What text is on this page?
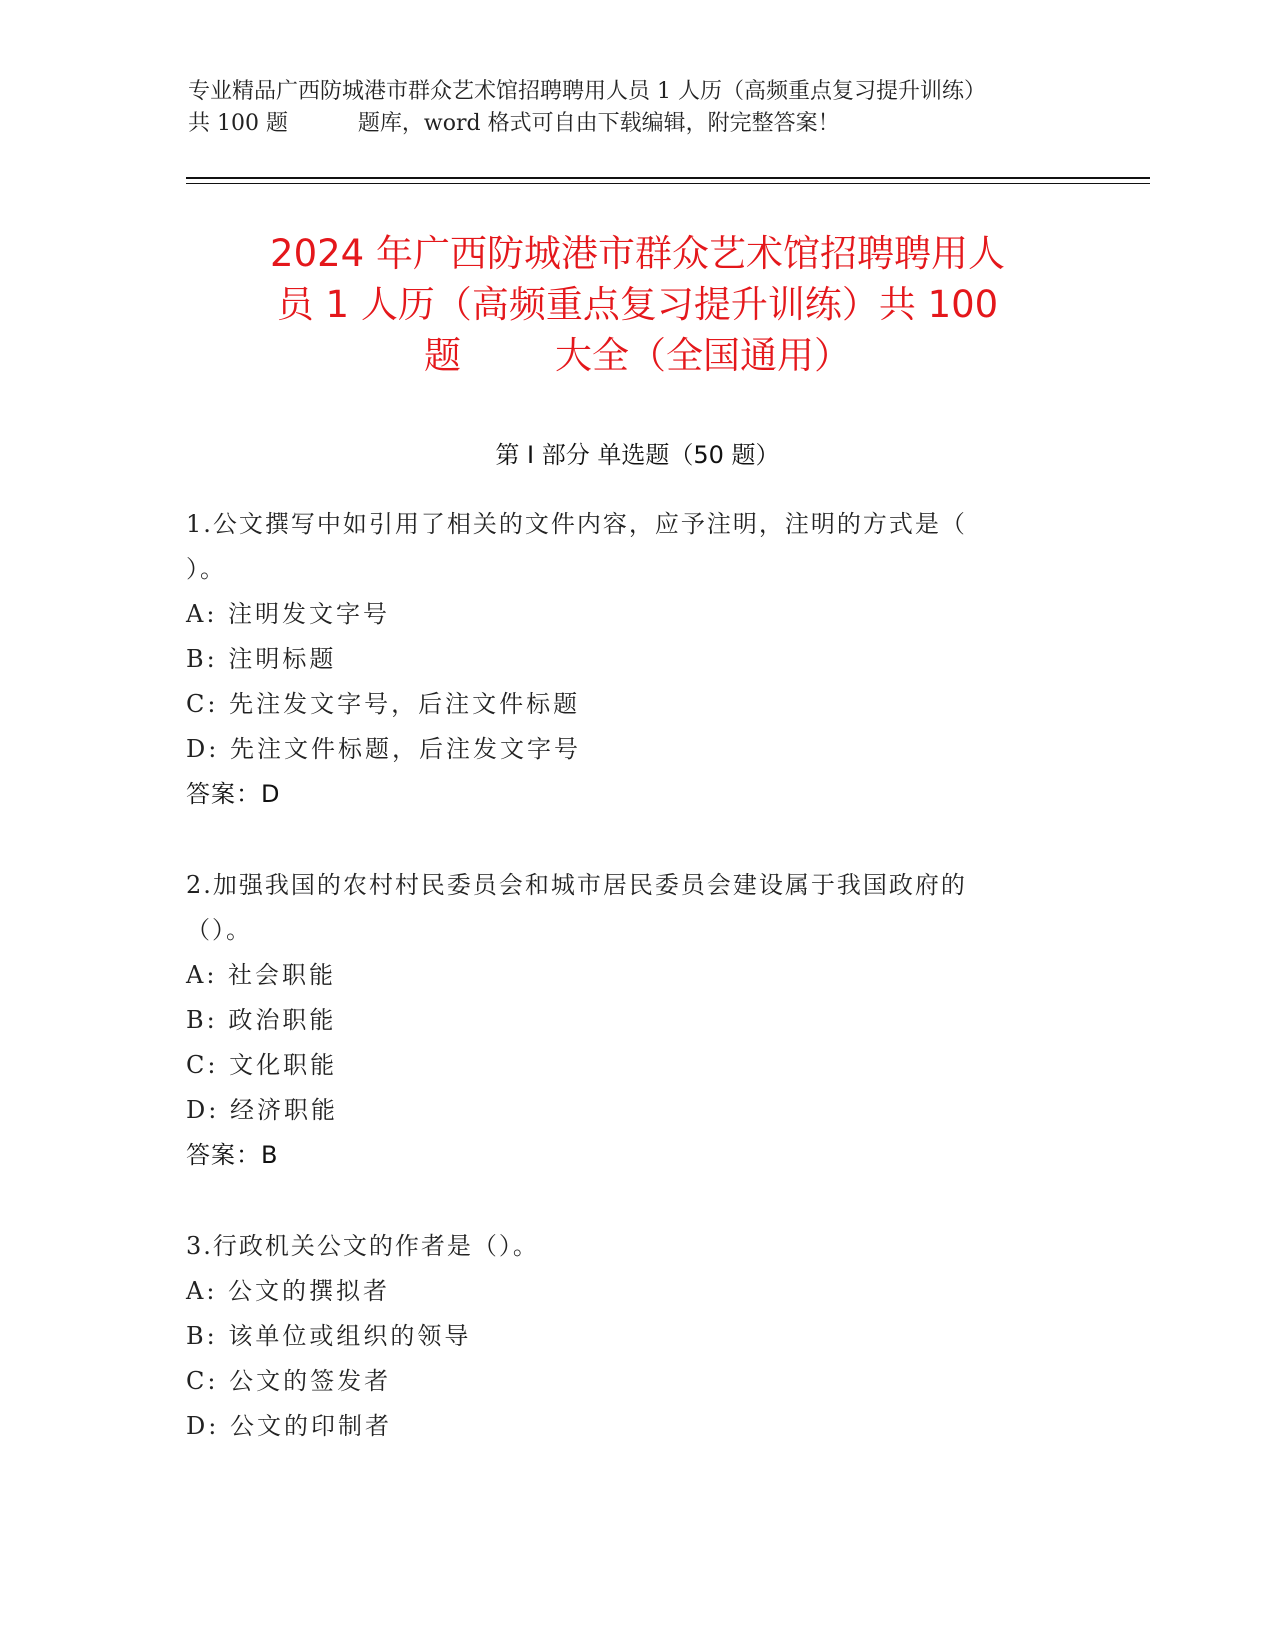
专业精品广西防城港市群众艺术馆招聘聘用人员 1 人历（高频重点复习提升训练）
共 100 题          题库，word 格式可自由下载编辑，附完整答案！
2024 年广西防城港市群众艺术馆招聘聘用人
员 1 人历（高频重点复习提升训练）共 100
题        大全（全国通用）
第 I 部分 单选题（50 题）
1.公文撰写中如引用了相关的文件内容，应予注明，注明的方式是（
）。
A: 注明发文字号
B: 注明标题
C: 先注发文字号，后注文件标题
D: 先注文件标题，后注发文字号
答案：D
2.加强我国的农村村民委员会和城市居民委员会建设属于我国政府的
（）。
A: 社会职能
B: 政治职能
C: 文化职能
D: 经济职能
答案：B
3.行政机关公文的作者是（）。
A: 公文的撰拟者
B: 该单位或组织的领导
C: 公文的签发者
D: 公文的印制者
